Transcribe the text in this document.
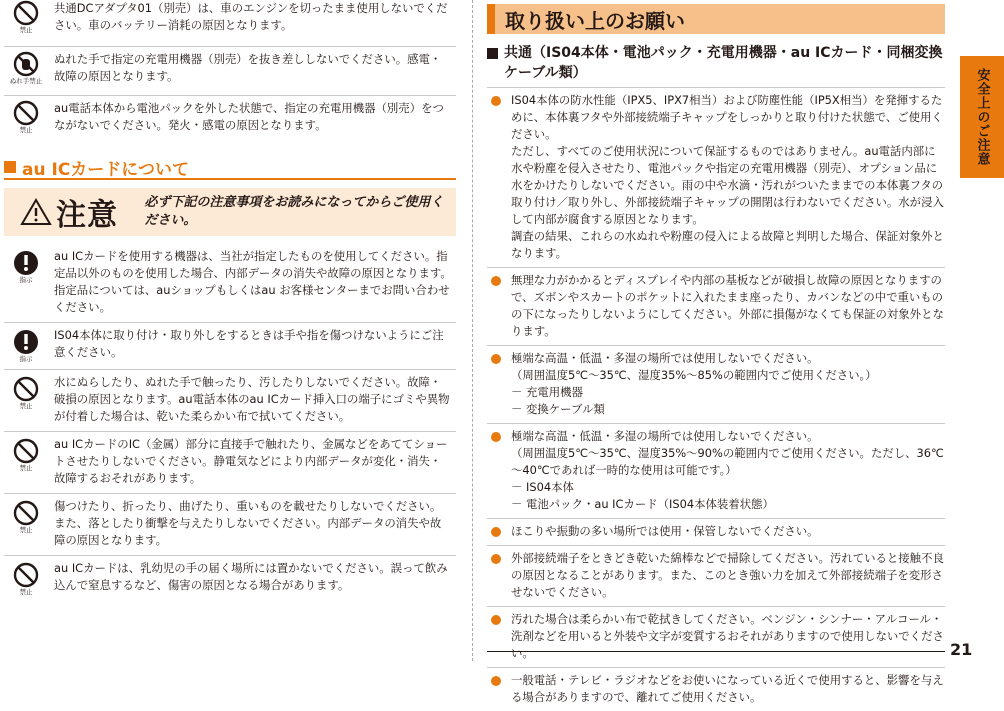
禁止
共通DCアダプタ01（別売）は、車のエンジンを切ったまま使用しないでください。車のバッテリー消耗の原因となります。
ぬれ手禁止
ぬれた手で指定の充電用機器（別売）を抜き差ししないでください。感電・故障の原因となります。
禁止
au電話本体から電池パックを外した状態で、指定の充電用機器（別売）をつながないでください。発火・感電の原因となります。
au ICカードについて
注意 必ず下記の注意事項をお読みになってからご使用ください。
指示
au ICカードを使用する機器は、当社が指定したものを使用してください。指定品以外のものを使用した場合、内部データの消失や故障の原因となります。指定品については、auショップもしくはau お客様センターまでお問い合わせください。
指示
IS04本体に取り付け・取り外しをするときは手や指を傷つけないようにご注意ください。
禁止
水にぬらしたり、ぬれた手で触ったり、汚したりしないでください。故障・破損の原因となります。au電話本体のau ICカード挿入口の端子にゴミや異物が付着した場合は、乾いた柔らかい布で拭いてください。
禁止
au ICカードのIC（金属）部分に直接手で触れたり、金属などをあててショートさせたりしないでください。静電気などにより内部データが変化・消失・故障するおそれがあります。
禁止
傷つけたり、折ったり、曲げたり、重いものを載せたりしないでください。また、落としたり衝撃を与えたりしないでください。内部データの消失や故障の原因となります。
禁止
au ICカードは、乳幼児の手の届く場所には置かないでください。誤って飲み込んで窒息するなど、傷害の原因となる場合があります。
取り扱い上のお願い
共通（IS04本体・電池パック・充電用機器・au ICカード・同梱変換ケーブル類）

IS04本体の防水性能（IPX5、IPX7相当）および防塵性能（IP5X相当）を発揮するために、本体裏フタや外部接続端子キャップをしっかりと取り付けた状態で、ご使用ください。

ただし、すべてのご使用状況について保証するものではありません。au電話内部に水や粉塵を侵入させたり、電池パックや指定の充電用機器（別売）、オプション品に水をかけたりしないでください。雨の中や水滴・汚れがついたままでの本体裏フタの取り付け／取り外し、外部接続端子キャップの開閉は行わないでください。水が浸入して内部が腐食する原因となります。

調査の結果、これらの水ぬれや粉塵の侵入による故障と判明した場合、保証対象外となります。

無理な力がかかるとディスプレイや内部の基板などが破損し故障の原因となりますので、ズボンやスカートのポケットに入れたまま座ったり、カバンなどの中で重いものの下になったりしないようにしてください。外部に損傷がなくても保証の対象外となります。

極端な高温・低温・多湿の場所では使用しないでください。

（周囲温度5℃～35℃、湿度35%～85%の範囲内でご使用ください。）

－ 充電用機器

－ 変換ケーブル類

極端な高温・低温・多湿の場所では使用しないでください。

（周囲温度5℃～35℃、湿度35%～90%の範囲内でご使用ください。ただし、36℃～40℃であれば一時的な使用は可能です。）

－ IS04本体

－ 電池パック・au ICカード（IS04本体装着状態）

ほこりや振動の多い場所では使用・保管しないでください。

外部接続端子をときどき乾いた綿棒などで掃除してください。汚れていると接触不良の原因となることがあります。また、このとき強い力を加えて外部接続端子を変形させないでください。

汚れた場合は柔らかい布で乾拭きしてください。ベンジン・シンナー・アルコール・洗剤などを用いると外装や文字が変質するおそれがありますので使用しないでください。

一般電話・テレビ・ラジオなどをお使いになっている近くで使用すると、影響を与える場合がありますので、離れてご使用ください。

安全上のご注意
21
